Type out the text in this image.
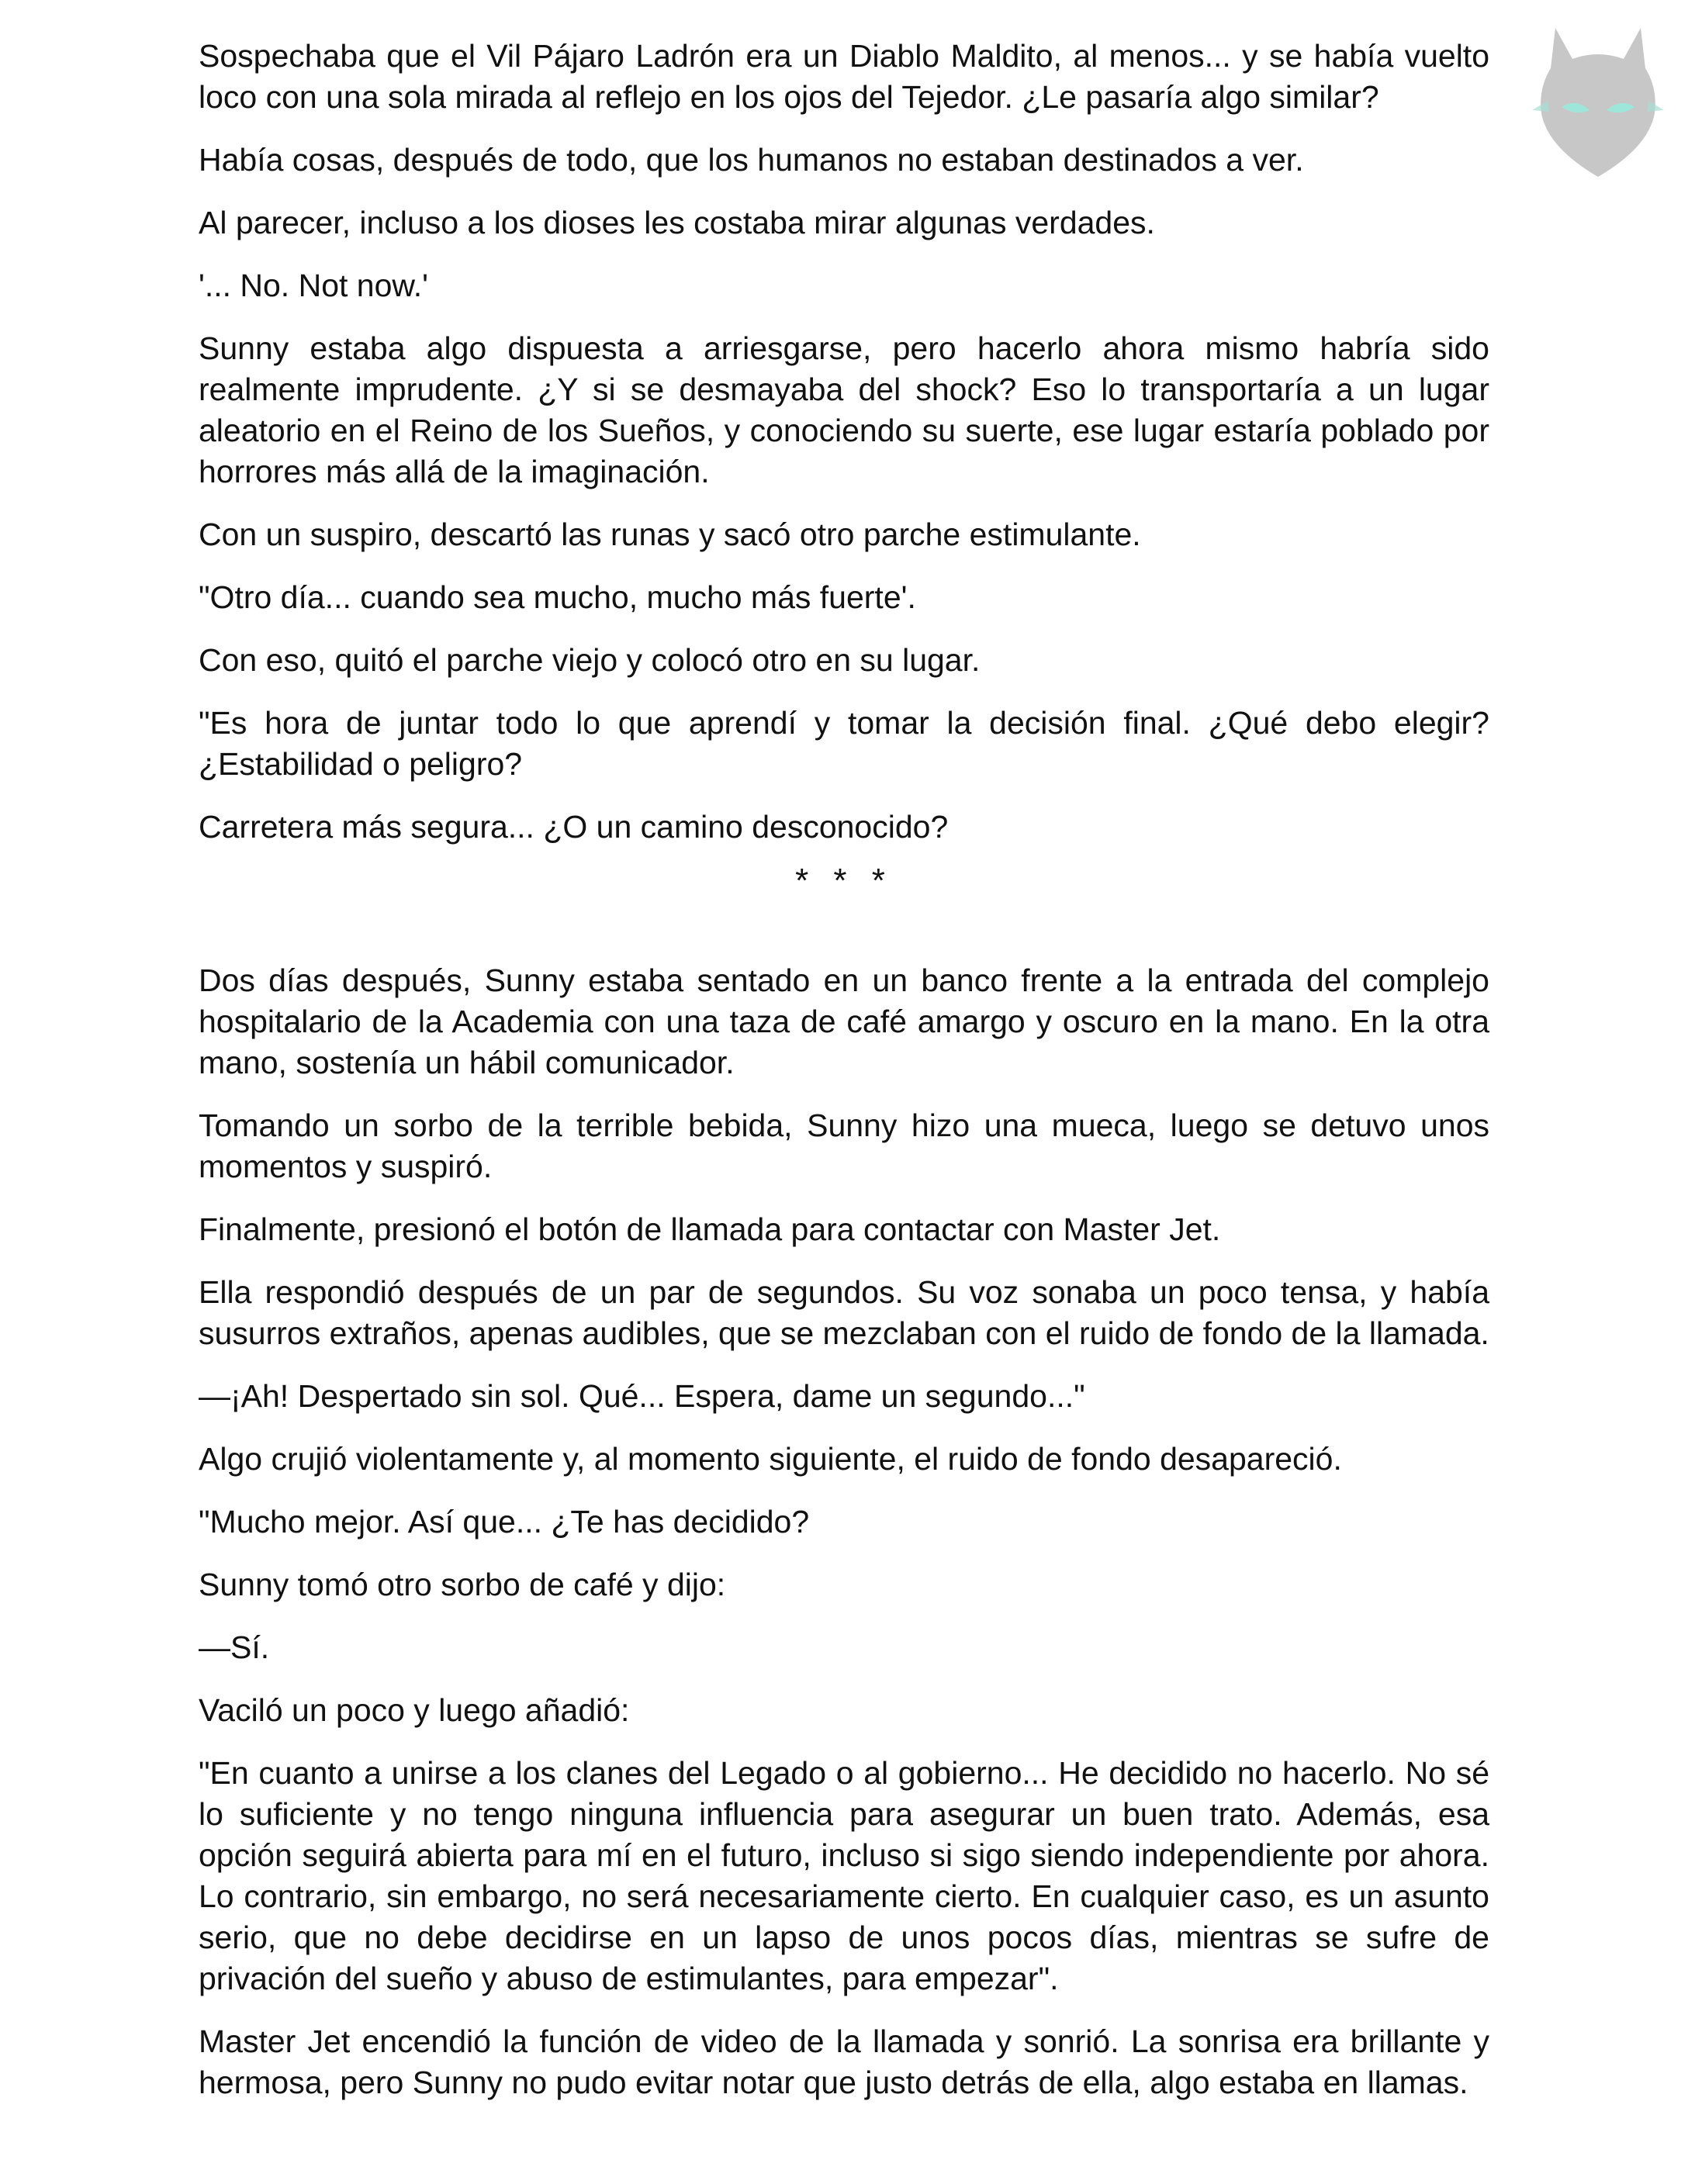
Sospechaba que el Vil Pájaro Ladrón era un Diablo Maldito, al menos... y se había vuelto loco con una sola mirada al reflejo en los ojos del Tejedor. ¿Le pasaría algo similar?

Había cosas, después de todo, que los humanos no estaban destinados a ver.

Al parecer, incluso a los dioses les costaba mirar algunas verdades.

'... No. Not now.'

Sunny estaba algo dispuesta a arriesgarse, pero hacerlo ahora mismo habría sido realmente imprudente. ¿Y si se desmayaba del shock? Eso lo transportaría a un lugar aleatorio en el Reino de los Sueños, y conociendo su suerte, ese lugar estaría poblado por horrores más allá de la imaginación.

Con un suspiro, descartó las runas y sacó otro parche estimulante.

"Otro día... cuando sea mucho, mucho más fuerte'.

Con eso, quitó el parche viejo y colocó otro en su lugar.

"Es hora de juntar todo lo que aprendí y tomar la decisión final. ¿Qué debo elegir? ¿Estabilidad o peligro?

Carretera más segura... ¿O un camino desconocido?

* * *

Dos días después, Sunny estaba sentado en un banco frente a la entrada del complejo hospitalario de la Academia con una taza de café amargo y oscuro en la mano. En la otra mano, sostenía un hábil comunicador.

Tomando un sorbo de la terrible bebida, Sunny hizo una mueca, luego se detuvo unos momentos y suspiró.

Finalmente, presionó el botón de llamada para contactar con Master Jet.

Ella respondió después de un par de segundos. Su voz sonaba un poco tensa, y había susurros extraños, apenas audibles, que se mezclaban con el ruido de fondo de la llamada.

—¡Ah! Despertado sin sol. Qué... Espera, dame un segundo..."

Algo crujió violentamente y, al momento siguiente, el ruido de fondo desapareció.

"Mucho mejor. Así que... ¿Te has decidido?

Sunny tomó otro sorbo de café y dijo:

—Sí.

Vaciló un poco y luego añadió:

"En cuanto a unirse a los clanes del Legado o al gobierno... He decidido no hacerlo. No sé lo suficiente y no tengo ninguna influencia para asegurar un buen trato. Además, esa opción seguirá abierta para mí en el futuro, incluso si sigo siendo independiente por ahora. Lo contrario, sin embargo, no será necesariamente cierto. En cualquier caso, es un asunto serio, que no debe decidirse en un lapso de unos pocos días, mientras se sufre de privación del sueño y abuso de estimulantes, para empezar".

Master Jet encendió la función de video de la llamada y sonrió. La sonrisa era brillante y hermosa, pero Sunny no pudo evitar notar que justo detrás de ella, algo estaba en llamas.
